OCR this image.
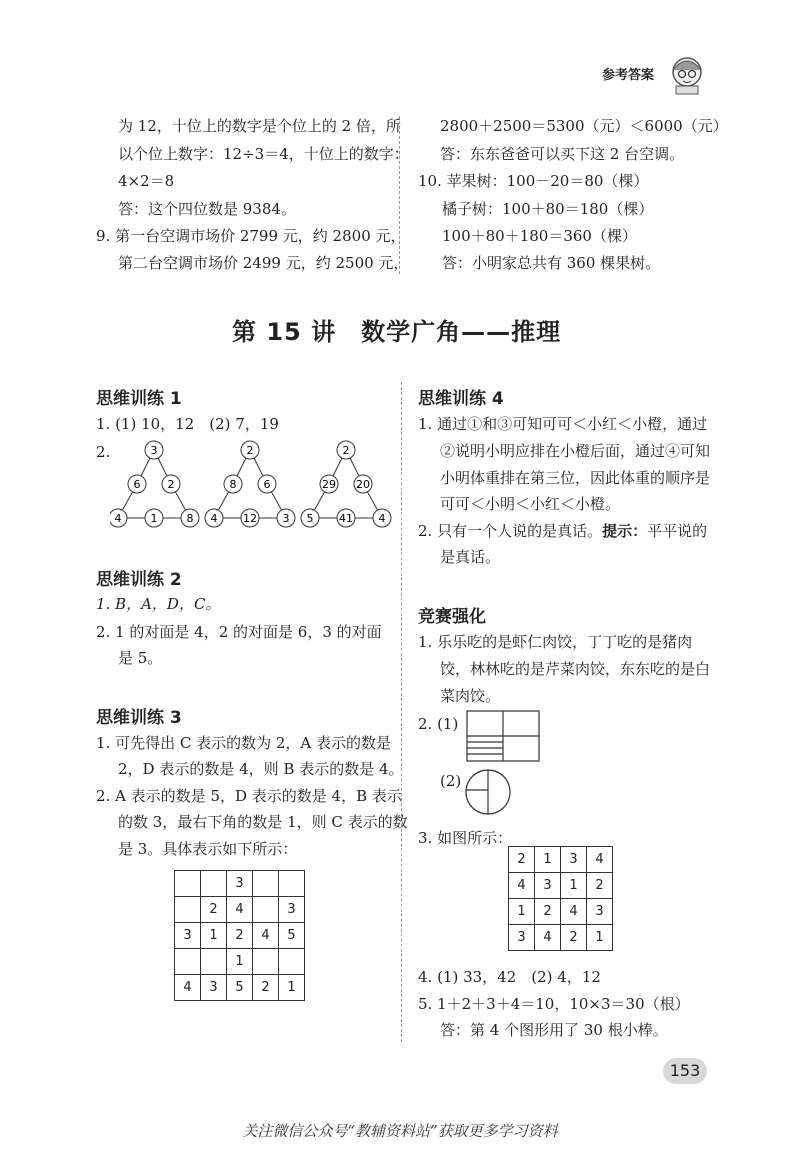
参考答案
为 12，十位上的数字是个位上的 2 倍，所
以个位上数字：12÷3＝4，十位上的数字：
4×2＝8
答：这个四位数是 9384。
9. 第一台空调市场价 2799 元，约 2800 元，
第二台空调市场价 2499 元，约 2500 元，
2800＋2500＝5300（元）＜6000（元）
答：东东爸爸可以买下这 2 台空调。
10. 苹果树：100－20＝80（棵）
橘子树：100＋80＝180（棵）
100＋80＋180＝360（棵）
答：小明家总共有 360 棵果树。
第 15 讲　数学广角——推理
思维训练 1
1. (1) 10，12　(2) 7，19
2.	3
6 2
4	1	8
2
8 6
4 12 3
2
29 20
5 41 4
思维训练 2
1. B，A，D，C。
2. 1 的对面是 4，2 的对面是 6，3 的对面
是 5。
思维训练 3
1. 可先得出 C 表示的数为 2，A 表示的数是
2，D 表示的数是 4，则 B 表示的数是 4。
2. A 表示的数是 5，D 表示的数是 4，B 表示
的数 3，最右下角的数是 1，则 C 表示的数
是 3。具体表示如下所示：
		3		
	2	4		3
3	1	2	4	5
		1		
4	3	5	2	1
思维训练 4
1. 通过①和③可知可可＜小红＜小橙，通过
②说明小明应排在小橙后面，通过④可知
小明体重排在第三位，因此体重的顺序是
可可＜小明＜小红＜小橙。
2. 只有一个人说的是真话。提示：平平说的
是真话。
竞赛强化
1. 乐乐吃的是虾仁肉饺，丁丁吃的是猪肉
饺，林林吃的是芹菜肉饺，东东吃的是白
菜肉饺。
2. (1)
(2)
3. 如图所示：
2	1	3	4
4	3	1	2
1	2	4	3
3	4	2	1
4. (1) 33，42　(2) 4，12
5. 1＋2＋3＋4＝10，10×3＝30（根）
答：第 4 个图形用了 30 根小棒。
153
关注微信公众号“教辅资料站”获取更多学习资料
